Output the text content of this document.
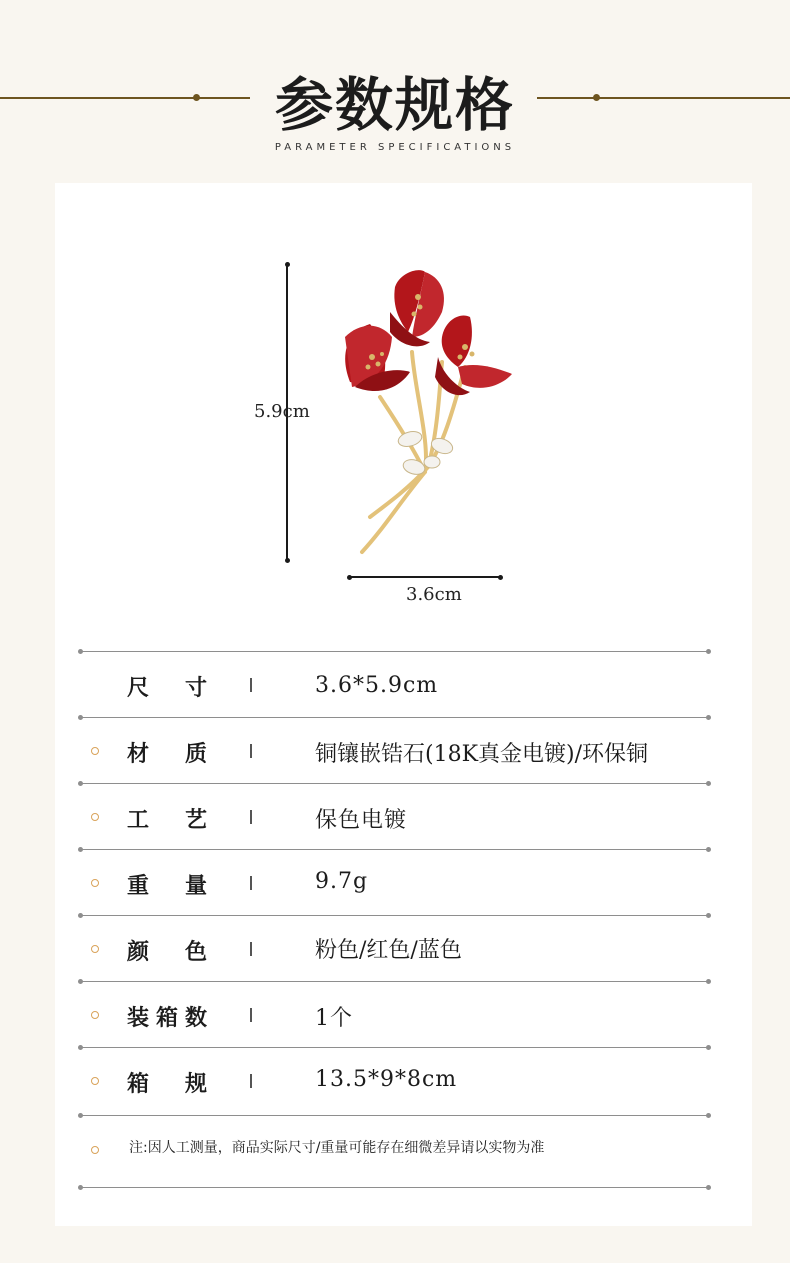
参数规格
PARAMETER SPECIFICATIONS
5.9cm
3.6cm
尺寸	3.6*5.9cm
材质	铜镶嵌锆石(18K真金电镀)/环保铜
工艺	保色电镀
重量	9.7g
颜色	粉色/红色/蓝色
装箱数	1个
箱规	13.5*9*8cm
注:因人工测量，商品实际尺寸/重量可能存在细微差异请以实物为准
